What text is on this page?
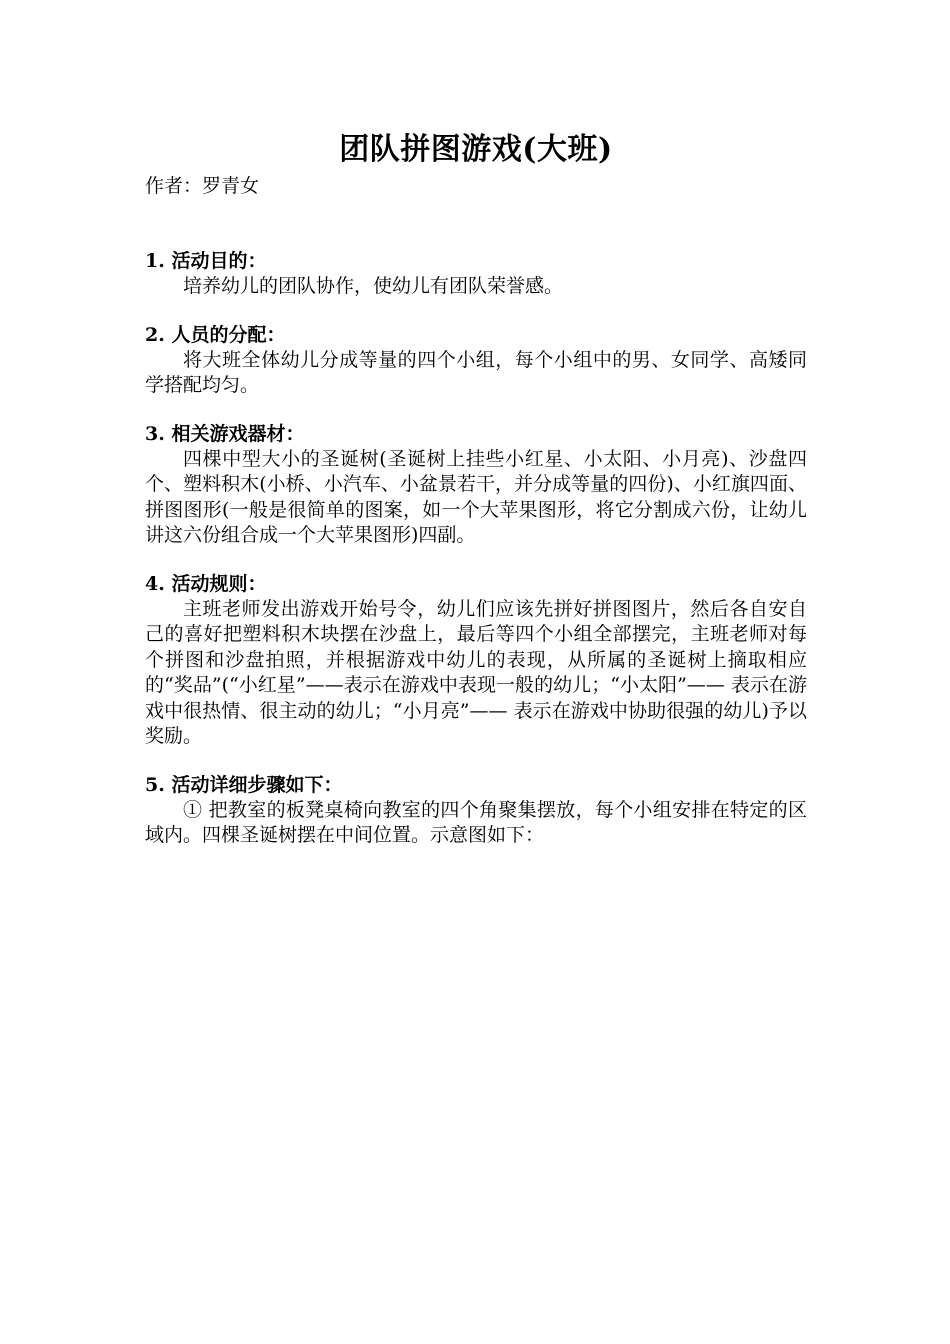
团队拼图游戏(大班)

作者：罗青女

1. 活动目的：

培养幼儿的团队协作，使幼儿有团队荣誉感。

2. 人员的分配：

将大班全体幼儿分成等量的四个小组，每个小组中的男、女同学、高矮同学搭配均匀。

3. 相关游戏器材：

四棵中型大小的圣诞树(圣诞树上挂些小红星、小太阳、小月亮)、沙盘四个、塑料积木(小桥、小汽车、小盆景若干，并分成等量的四份)、小红旗四面、拼图图形(一般是很简单的图案，如一个大苹果图形，将它分割成六份，让幼儿讲这六份组合成一个大苹果图形)四副。

4. 活动规则：

主班老师发出游戏开始号令，幼儿们应该先拼好拼图图片，然后各自安自己的喜好把塑料积木块摆在沙盘上，最后等四个小组全部摆完，主班老师对每个拼图和沙盘拍照，并根据游戏中幼儿的表现，从所属的圣诞树上摘取相应的“奖品”(“小红星”——表示在游戏中表现一般的幼儿；“小太阳”—— 表示在游戏中很热情、很主动的幼儿；“小月亮”—— 表示在游戏中协助很强的幼儿)予以奖励。

5. 活动详细步骤如下：

① 把教室的板凳桌椅向教室的四个角聚集摆放，每个小组安排在特定的区域内。四棵圣诞树摆在中间位置。示意图如下：
